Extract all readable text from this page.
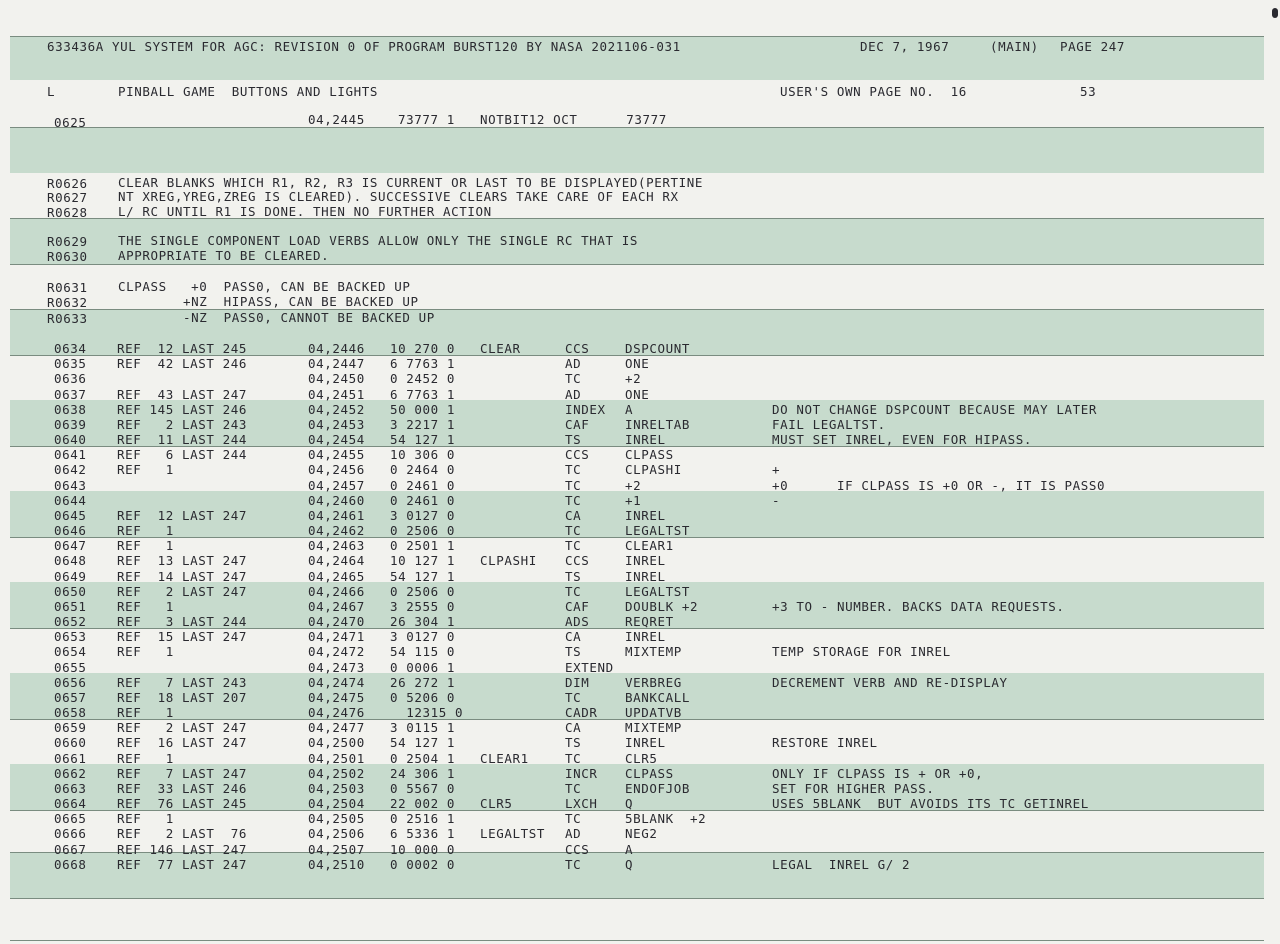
633436A YUL SYSTEM FOR AGC: REVISION 0 OF PROGRAM BURST120 BY NASA 2021106-031	DEC 7, 1967	(MAIN) PAGE 247
L	PINBALL GAME  BUTTONS AND LIGHTS	USER'S OWN PAGE NO.  16	53
0625	04,2445	73777 1 NOTBIT12 OCT      73777
R0626 CLEAR BLANKS WHICH R1, R2, R3 IS CURRENT OR LAST TO BE DISPLAYED(PERTINE
R0627 NT XREG,YREG,ZREG IS CLEARED). SUCCESSIVE CLEARS TAKE CARE OF EACH RX
R0628 L/ RC UNTIL R1 IS DONE. THEN NO FURTHER ACTION
R0629 THE SINGLE COMPONENT LOAD VERBS ALLOW ONLY THE SINGLE RC THAT IS
R0630 APPROPRIATE TO BE CLEARED.
R0631 CLPASS   +0  PASS0, CAN BE BACKED UP
R0632 +NZ  HIPASS, CAN BE BACKED UP
R0633 -NZ  PASS0, CANNOT BE BACKED UP
0634 REF  12 LAST 245	04,2446 10 270 0 CLEAR	CCS	DSPCOUNT
0635 REF  42 LAST 246	04,2447 6 7763 1	AD	ONE
0636	04,2450 0 2452 0	TC	+2
0637 REF  43 LAST 247	04,2451 6 7763 1	AD	ONE
0638 REF 145 LAST 246	04,2452 50 000 1	INDEX A	DO NOT CHANGE DSPCOUNT BECAUSE MAY LATER
0639 REF   2 LAST 243	04,2453 3 2217 1	CAF	INRELTAB	FAIL LEGALTST.
0640 REF  11 LAST 244	04,2454 54 127 1	TS	INREL	MUST SET INREL, EVEN FOR HIPASS.
0641 REF   6 LAST 244	04,2455 10 306 0	CCS	CLPASS
0642 REF   1	04,2456 0 2464 0	TC	CLPASHI	+
0643	04,2457 0 2461 0	TC	+2	+0      IF CLPASS IS +0 OR -, IT IS PASS0
0644	04,2460 0 2461 0	TC	+1	-
0645 REF  12 LAST 247	04,2461 3 0127 0	CA	INREL
0646 REF   1	04,2462 0 2506 0	TC	LEGALTST
0647 REF   1	04,2463 0 2501 1	TC	CLEAR1
0648 REF  13 LAST 247	04,2464 10 127 1 CLPASHI CCS	INREL
0649 REF  14 LAST 247	04,2465 54 127 1	TS	INREL
0650 REF   2 LAST 247	04,2466 0 2506 0	TC	LEGALTST
0651 REF   1	04,2467 3 2555 0	CAF	DOUBLK +2	+3 TO - NUMBER. BACKS DATA REQUESTS.
0652 REF   3 LAST 244	04,2470 26 304 1	ADS	REQRET
0653 REF  15 LAST 247	04,2471 3 0127 0	CA	INREL
0654 REF   1	04,2472 54 115 0	TS	MIXTEMP	TEMP STORAGE FOR INREL
0655	04,2473 0 0006 1	EXTEND
0656 REF   7 LAST 243	04,2474 26 272 1	DIM	VERBREG	DECREMENT VERB AND RE-DISPLAY
0657 REF  18 LAST 207	04,2475 0 5206 0	TC	BANKCALL
0658 REF   1	04,2476 12315 0	CADR UPDATVB
0659 REF   2 LAST 247	04,2477 3 0115 1	CA	MIXTEMP
0660 REF  16 LAST 247	04,2500 54 127 1	TS	INREL	RESTORE INREL
0661 REF   1	04,2501 0 2504 1 CLEAR1	TC	CLR5
0662 REF   7 LAST 247	04,2502 24 306 1	INCR CLPASS	ONLY IF CLPASS IS + OR +0,
0663 REF  33 LAST 246	04,2503 0 5567 0	TC	ENDOFJOB	SET FOR HIGHER PASS.
0664 REF  76 LAST 245	04,2504 22 002 0 CLR5	LXCH Q	USES 5BLANK  BUT AVOIDS ITS TC GETINREL
0665 REF   1	04,2505 0 2516 1	TC	5BLANK  +2
0666 REF   2 LAST  76	04,2506 6 5336 1 LEGALTST AD	NEG2
0667 REF 146 LAST 247	04,2507 10 000 0	CCS	A
0668 REF  77 LAST 247	04,2510 0 0002 0	TC	Q	LEGAL  INREL G/ 2
